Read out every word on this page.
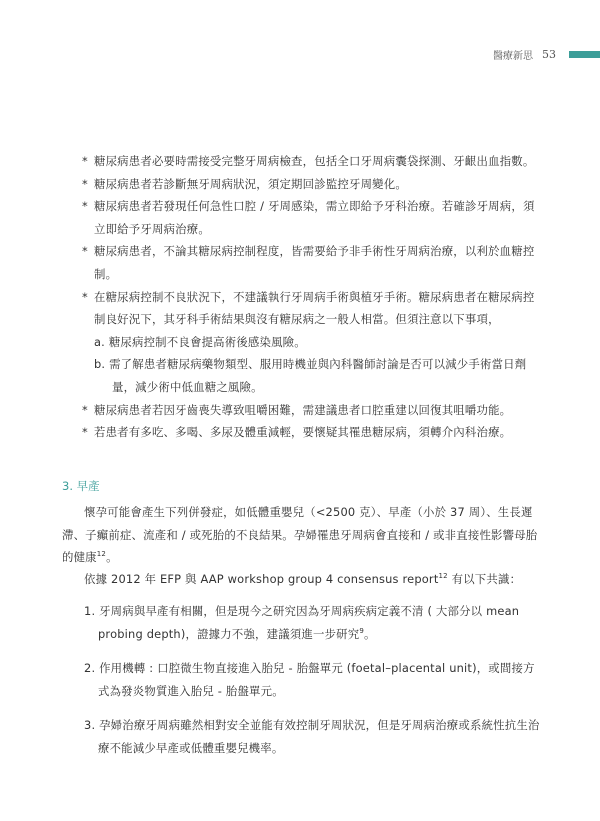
醫療新思 53
* 糖尿病患者必要時需接受完整牙周病檢查，包括全口牙周病囊袋探測、牙齦出血指數。
* 糖尿病患者若診斷無牙周病狀況，須定期回診監控牙周變化。
* 糖尿病患者若發現任何急性口腔 / 牙周感染，需立即給予牙科治療。若確診牙周病，須立即給予牙周病治療。
* 糖尿病患者，不論其糖尿病控制程度，皆需要給予非手術性牙周病治療，以利於血糖控制。
* 在糖尿病控制不良狀況下，不建議執行牙周病手術與植牙手術。糖尿病患者在糖尿病控制良好況下，其牙科手術結果與沒有糖尿病之一般人相當。但須注意以下事項，
a. 糖尿病控制不良會提高術後感染風險。
b. 需了解患者糖尿病藥物類型、服用時機並與內科醫師討論是否可以減少手術當日劑量，減少術中低血糖之風險。
* 糖尿病患者若因牙齒喪失導致咀嚼困難，需建議患者口腔重建以回復其咀嚼功能。
* 若患者有多吃、多喝、多尿及體重減輕，要懷疑其罹患糖尿病，須轉介內科治療。
3. 早產

懷孕可能會產生下列併發症，如低體重嬰兒（<2500 克）、早產（小於 37 周）、生長遲滯、子癲前症、流產和 / 或死胎的不良結果。孕婦罹患牙周病會直接和 / 或非直接性影響母胎的健康$^{12}$。

依據 2012 年 EFP 與 AAP workshop group 4 consensus report$^{12}$ 有以下共識：

1. 牙周病與早產有相關，但是現今之研究因為牙周病疾病定義不清 ( 大部分以 mean probing depth)，證據力不強，建議須進一步研究$^9$。
2. 作用機轉 : 口腔微生物直接進入胎兒 - 胎盤單元 (foetal–placental unit)，或間接方式為發炎物質進入胎兒 - 胎盤單元。
3. 孕婦治療牙周病雖然相對安全並能有效控制牙周狀況，但是牙周病治療或系統性抗生治療不能減少早產或低體重嬰兒機率。
